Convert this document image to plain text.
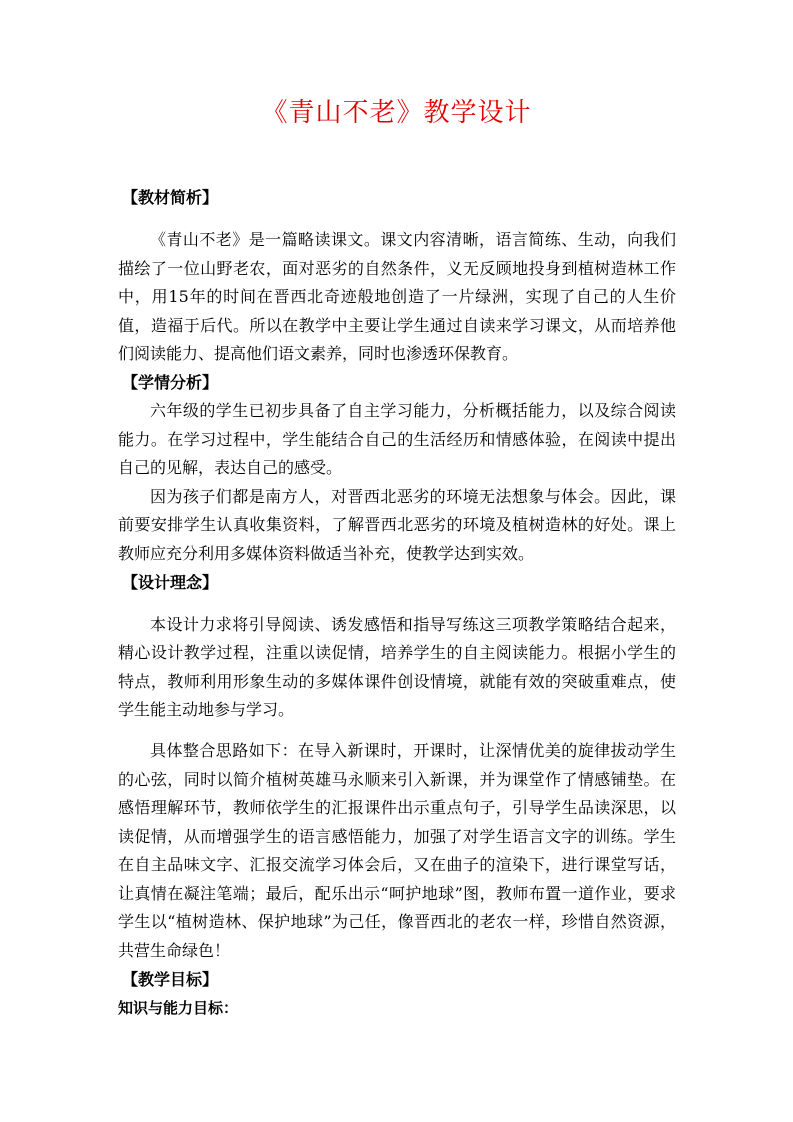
《青山不老》教学设计
【教材简析】

《青山不老》是一篇略读课文。课文内容清晰，语言简练、生动，向我们描绘了一位山野老农，面对恶劣的自然条件，义无反顾地投身到植树造林工作中，用15年的时间在晋西北奇迹般地创造了一片绿洲，实现了自己的人生价值，造福于后代。所以在教学中主要让学生通过自读来学习课文，从而培养他们阅读能力、提高他们语文素养，同时也渗透环保教育。

【学情分析】

六年级的学生已初步具备了自主学习能力，分析概括能力，以及综合阅读能力。在学习过程中，学生能结合自己的生活经历和情感体验，在阅读中提出自己的见解，表达自己的感受。

因为孩子们都是南方人，对晋西北恶劣的环境无法想象与体会。因此，课前要安排学生认真收集资料，了解晋西北恶劣的环境及植树造林的好处。课上教师应充分利用多媒体资料做适当补充，使教学达到实效。

【设计理念】

本设计力求将引导阅读、诱发感悟和指导写练这三项教学策略结合起来，精心设计教学过程，注重以读促情，培养学生的自主阅读能力。根据小学生的特点，教师利用形象生动的多媒体课件创设情境，就能有效的突破重难点，使学生能主动地参与学习。

具体整合思路如下：在导入新课时，开课时，让深情优美的旋律拔动学生的心弦，同时以简介植树英雄马永顺来引入新课，并为课堂作了情感铺垫。在感悟理解环节，教师依学生的汇报课件出示重点句子，引导学生品读深思，以读促情，从而增强学生的语言感悟能力，加强了对学生语言文字的训练。学生在自主品味文字、汇报交流学习体会后，又在曲子的渲染下，进行课堂写话，让真情在凝注笔端；最后，配乐出示“呵护地球”图，教师布置一道作业，要求学生以“植树造林、保护地球”为己任，像晋西北的老农一样，珍惜自然资源，共营生命绿色！

【教学目标】

知识与能力目标：
